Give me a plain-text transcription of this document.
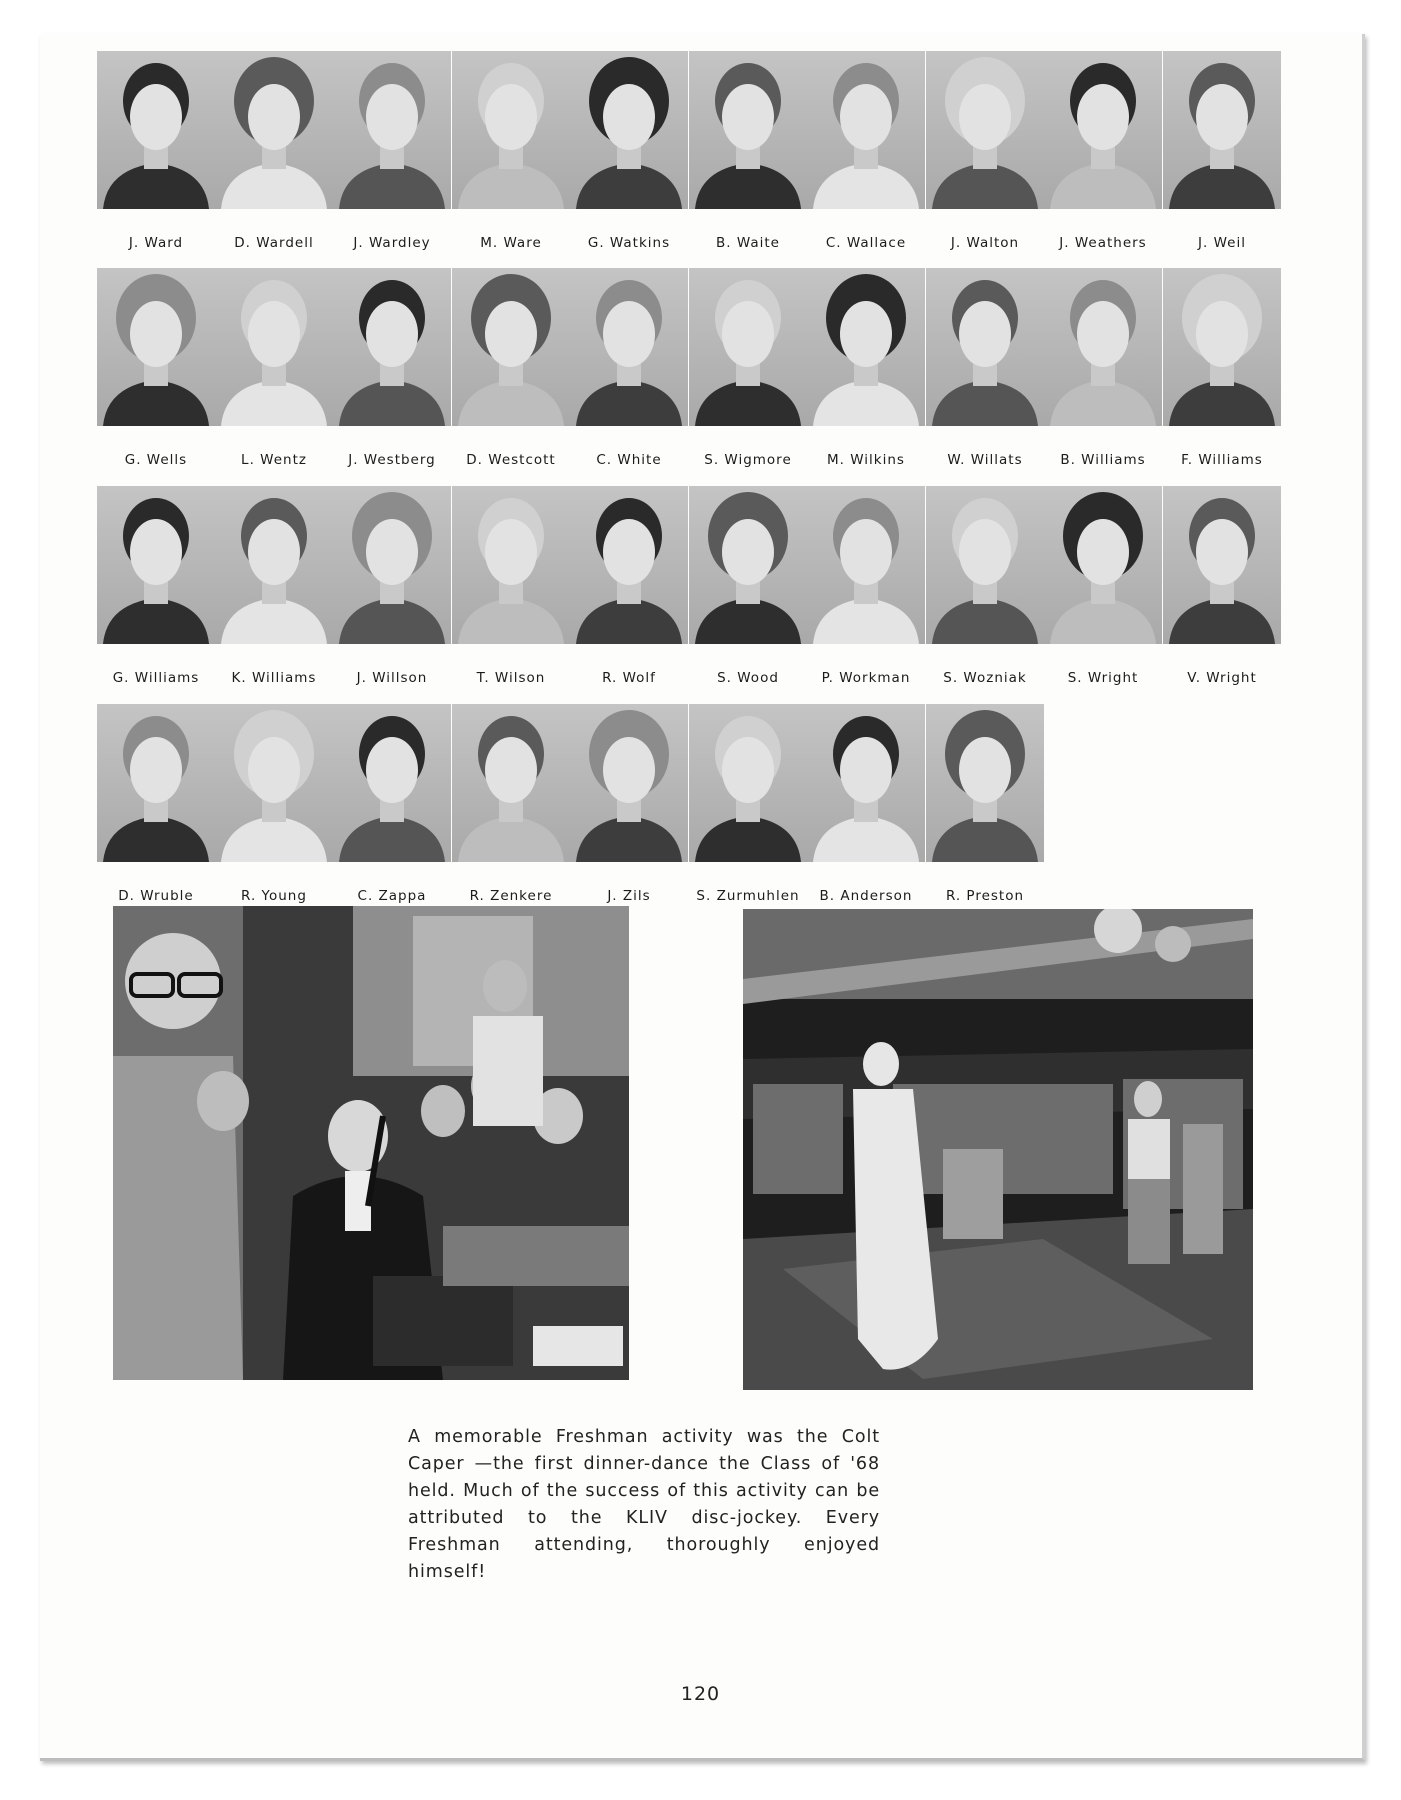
J. Ward	D. Wardell	J. Wardley	M. Ware	G. Watkins	B. Waite	C. Wallace	J. Walton	J. Weathers	J. Weil
G. Wells	L. Wentz	J. Westberg	D. Westcott	C. White	S. Wigmore	M. Wilkins	W. Willats	B. Williams	F. Williams
G. Williams	K. Williams	J. Willson	T. Wilson	R. Wolf	S. Wood	P. Workman	S. Wozniak	S. Wright	V. Wright
D. Wruble	R. Young	C. Zappa	R. Zenkere	J. Zils	S. Zurmuhlen	B. Anderson	R. Preston
A memorable Freshman activity was the Colt Caper —the first dinner-dance the Class of '68 held. Much of the success of this activity can be attributed to the KLIV disc-jockey. Every Freshman attending, thoroughly enjoyed himself!
120
